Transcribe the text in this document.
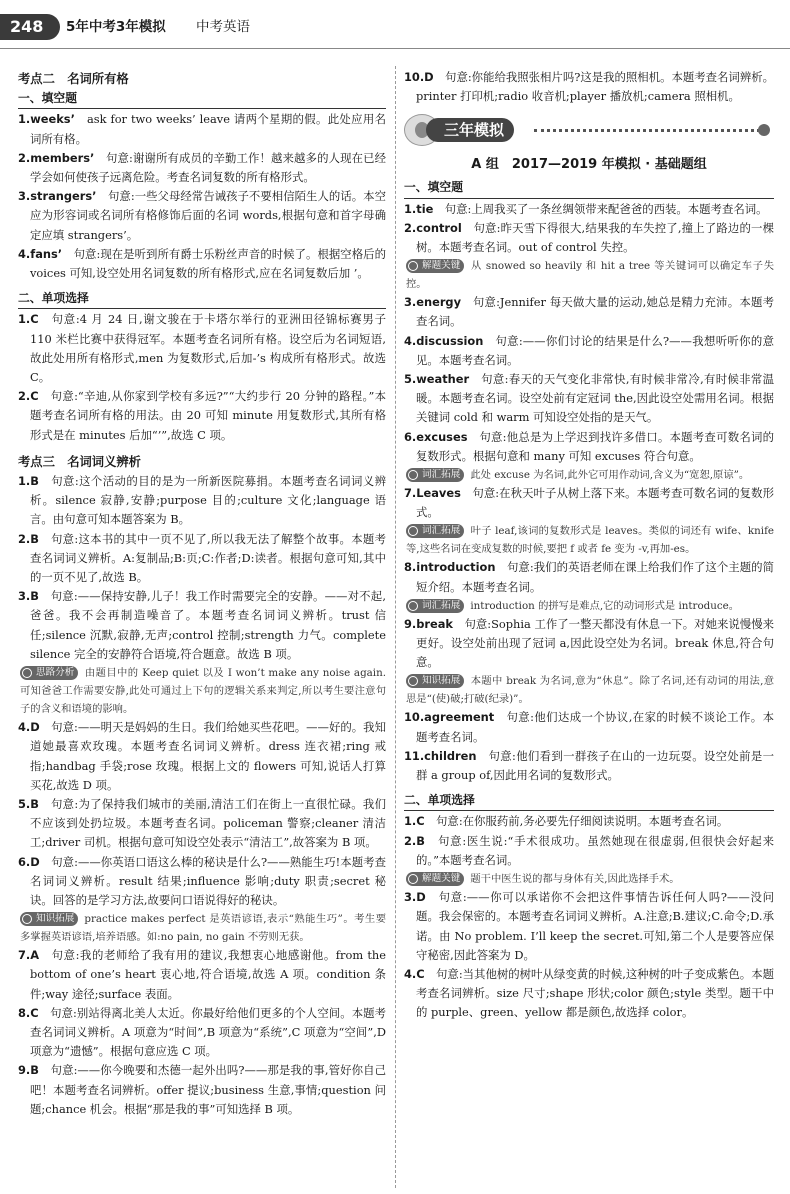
248	5年中考3年模拟 中考英语
考点二　名词所有格
一、填空题
1.weeks’　 ask for two weeks’ leave 请两个星期的假。此处应用名词所有格。
2.members’　 句意:谢谢所有成员的辛勤工作！越来越多的人现在已经学会如何使孩子远离危险。考查名词复数的所有格形式。
3.strangers’　 句意:一些父母经常告诫孩子不要相信陌生人的话。本空应为形容词或名词所有格修饰后面的名词 words,根据句意和首字母确定应填 strangers’。
4.fans’　 句意:现在是听到所有爵士乐粉丝声音的时候了。根据空格后的 voices 可知,设空处用名词复数的所有格形式,应在名词复数后加 ’。
二、单项选择
1.C　 句意:4 月 24 日,谢文骏在于卡塔尔举行的亚洲田径锦标赛男子 110 米栏比赛中获得冠军。本题考查名词所有格。设空后为名词短语,故此处用所有格形式,men 为复数形式,后加-’s 构成所有格形式。故选 C。
2.C　 句意:“辛迪,从你家到学校有多远?”“大约步行 20 分钟的路程。”本题考查名词所有格的用法。由 20 可知 minute 用复数形式,其所有格形式是在 minutes 后加“’”,故选 C 项。
考点三　名词词义辨析
1.B　 句意:这个活动的目的是为一所新医院募捐。本题考查名词词义辨析。silence 寂静,安静;purpose 目的;culture 文化;language 语言。由句意可知本题答案为 B。
2.B　 句意:这本书的其中一页不见了,所以我无法了解整个故事。本题考查名词词义辨析。A:复制品;B:页;C:作者;D:读者。根据句意可知,其中的一页不见了,故选 B。
3.B　 句意:——保持安静,儿子！我工作时需要完全的安静。——对不起,爸爸。我不会再制造噪音了。本题考查名词词义辨析。trust 信任;silence 沉默,寂静,无声;control 控制;strength 力气。complete silence 完全的安静符合语境,符合题意。故选 B 项。
思路分析 由题目中的 Keep quiet 以及 I won’t make any noise again.可知爸爸工作需要安静,此处可通过上下句的逻辑关系来判定,所以考生要注意句子的含义和语境的影响。
4.D　 句意:——明天是妈妈的生日。我们给她买些花吧。——好的。我知道她最喜欢玫瑰。本题考查名词词义辨析。dress 连衣裙;ring 戒指;handbag 手袋;rose 玫瑰。根据上文的 flowers 可知,说话人打算买花,故选 D 项。
5.B　 句意:为了保持我们城市的美丽,清洁工们在街上一直很忙碌。我们不应该到处扔垃圾。本题考查名词。policeman 警察;cleaner 清洁工;driver 司机。根据句意可知设空处表示“清洁工”,故答案为 B 项。
6.D　 句意:——你英语口语这么棒的秘诀是什么?——熟能生巧!本题考查名词词义辨析。result 结果;influence 影响;duty 职责;secret 秘诀。回答的是学习方法,故要问口语说得好的秘诀。
知识拓展 practice makes perfect 是英语谚语,表示“熟能生巧”。考生要多掌握英语谚语,培养语感。如:no pain, no gain 不劳则无获。
7.A　 句意:我的老师给了我有用的建议,我想衷心地感谢他。from the bottom of one’s heart 衷心地,符合语境,故选 A 项。condition 条件;way 途径;surface 表面。
8.C　 句意:别站得离北美人太近。你最好给他们更多的个人空间。本题考查名词词义辨析。A 项意为“时间”,B 项意为“系统”,C 项意为“空间”,D 项意为“遗憾”。根据句意应选 C 项。
9.B　 句意:——你今晚要和杰德一起外出吗?——那是我的事,管好你自己吧！本题考查名词辨析。offer 提议;business 生意,事情;question 问题;chance 机会。根据“那是我的事”可知选择 B 项。
10.D　 句意:你能给我照张相片吗?这是我的照相机。本题考查名词辨析。printer 打印机;radio 收音机;player 播放机;camera 照相机。
三年模拟
A 组　2017—2019 年模拟 · 基础题组
一、填空题
1.tie　 句意:上周我买了一条丝绸领带来配爸爸的西装。本题考查名词。
2.control　 句意:昨天雪下得很大,结果我的车失控了,撞上了路边的一棵树。本题考查名词。out of control 失控。
解题关键 从 snowed so heavily 和 hit a tree 等关键词可以确定车子失控。
3.energy　 句意:Jennifer 每天做大量的运动,她总是精力充沛。本题考查名词。
4.discussion　 句意:——你们讨论的结果是什么?——我想听听你的意见。本题考查名词。
5.weather　 句意:春天的天气变化非常快,有时候非常冷,有时候非常温暖。本题考查名词。设空处前有定冠词 the,因此设空处需用名词。根据关键词 cold 和 warm 可知设空处指的是天气。
6.excuses　 句意:他总是为上学迟到找许多借口。本题考查可数名词的复数形式。根据句意和 many 可知 excuses 符合句意。
词汇拓展 此处 excuse 为名词,此外它可用作动词,含义为“宽恕,原谅”。
7.Leaves　 句意:在秋天叶子从树上落下来。本题考查可数名词的复数形式。
词汇拓展 叶子 leaf,该词的复数形式是 leaves。类似的词还有 wife、knife 等,这些名词在变成复数的时候,要把 f 或者 fe 变为 -v,再加-es。
8.introduction　 句意:我们的英语老师在课上给我们作了这个主题的简短介绍。本题考查名词。
词汇拓展 introduction 的拼写是难点,它的动词形式是 introduce。
9.break　 句意:Sophia 工作了一整天都没有休息一下。对她来说慢慢来更好。设空处前出现了冠词 a,因此设空处为名词。break 休息,符合句意。
知识拓展 本题中 break 为名词,意为“休息”。除了名词,还有动词的用法,意思是“(使)破;打破(纪录)”。
10.agreement　 句意:他们达成一个协议,在家的时候不谈论工作。本题考查名词。
11.children　 句意:他们看到一群孩子在山的一边玩耍。设空处前是一群 a group of,因此用名词的复数形式。
二、单项选择
1.C　 句意:在你服药前,务必要先仔细阅读说明。本题考查名词。
2.B　 句意:医生说:“手术很成功。虽然她现在很虚弱,但很快会好起来的。”本题考查名词。
解题关键 题干中医生说的都与身体有关,因此选择手术。
3.D　 句意:——你可以承诺你不会把这件事情告诉任何人吗?——没问题。我会保密的。本题考查名词词义辨析。A.注意;B.建议;C.命令;D.承诺。由 No problem. I’ll keep the secret.可知,第二个人是要答应保守秘密,因此答案为 D。
4.C　 句意:当其他树的树叶从绿变黄的时候,这种树的叶子变成紫色。本题考查名词辨析。size 尺寸;shape 形状;color 颜色;style 类型。题干中的 purple、green、yellow 都是颜色,故选择 color。
